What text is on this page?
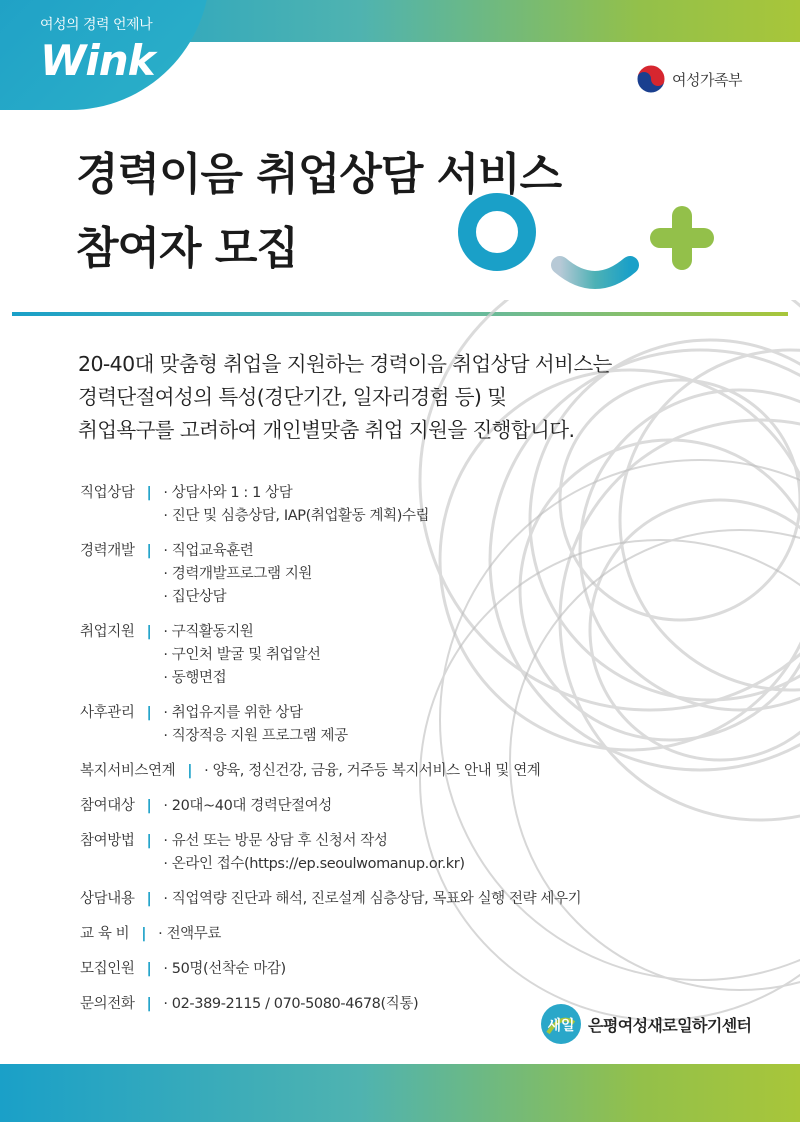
여성의 경력 언제나
Wink	여성가족부
경력이음 취업상담 서비스
참여자 모집
20-40대 맞춤형 취업을 지원하는 경력이음 취업상담 서비스는
경력단절여성의 특성(경단기간, 일자리경험 등) 및
취업욕구를 고려하여 개인별맞춤 취업 지원을 진행합니다.
직업상담 | · 상담사와 1 : 1 상담
· 진단 및 심층상담, IAP(취업활동 계획)수립
경력개발 | · 직업교육훈련
· 경력개발프로그램 지원
· 집단상담
취업지원 | · 구직활동지원
· 구인처 발굴 및 취업알선
· 동행면접
사후관리 | · 취업유지를 위한 상담
· 직장적응 지원 프로그램 제공
복지서비스연계 | · 양육, 정신건강, 금융, 거주등 복지서비스 안내 및 연계
참여대상 | · 20대~40대 경력단절여성
참여방법 | · 유선 또는 방문 상담 후 신청서 작성
· 온라인 접수(https://ep.seoulwomanup.or.kr)
상담내용 | · 직업역량 진단과 해석, 진로설계 심층상담, 목표와 실행 전략 세우기
교 육 비 | · 전액무료
모집인원 | · 50명(선착순 마감)
문의전화 | · 02-389-2115 / 070-5080-4678(직통)
새일 은평여성새로일하기센터
